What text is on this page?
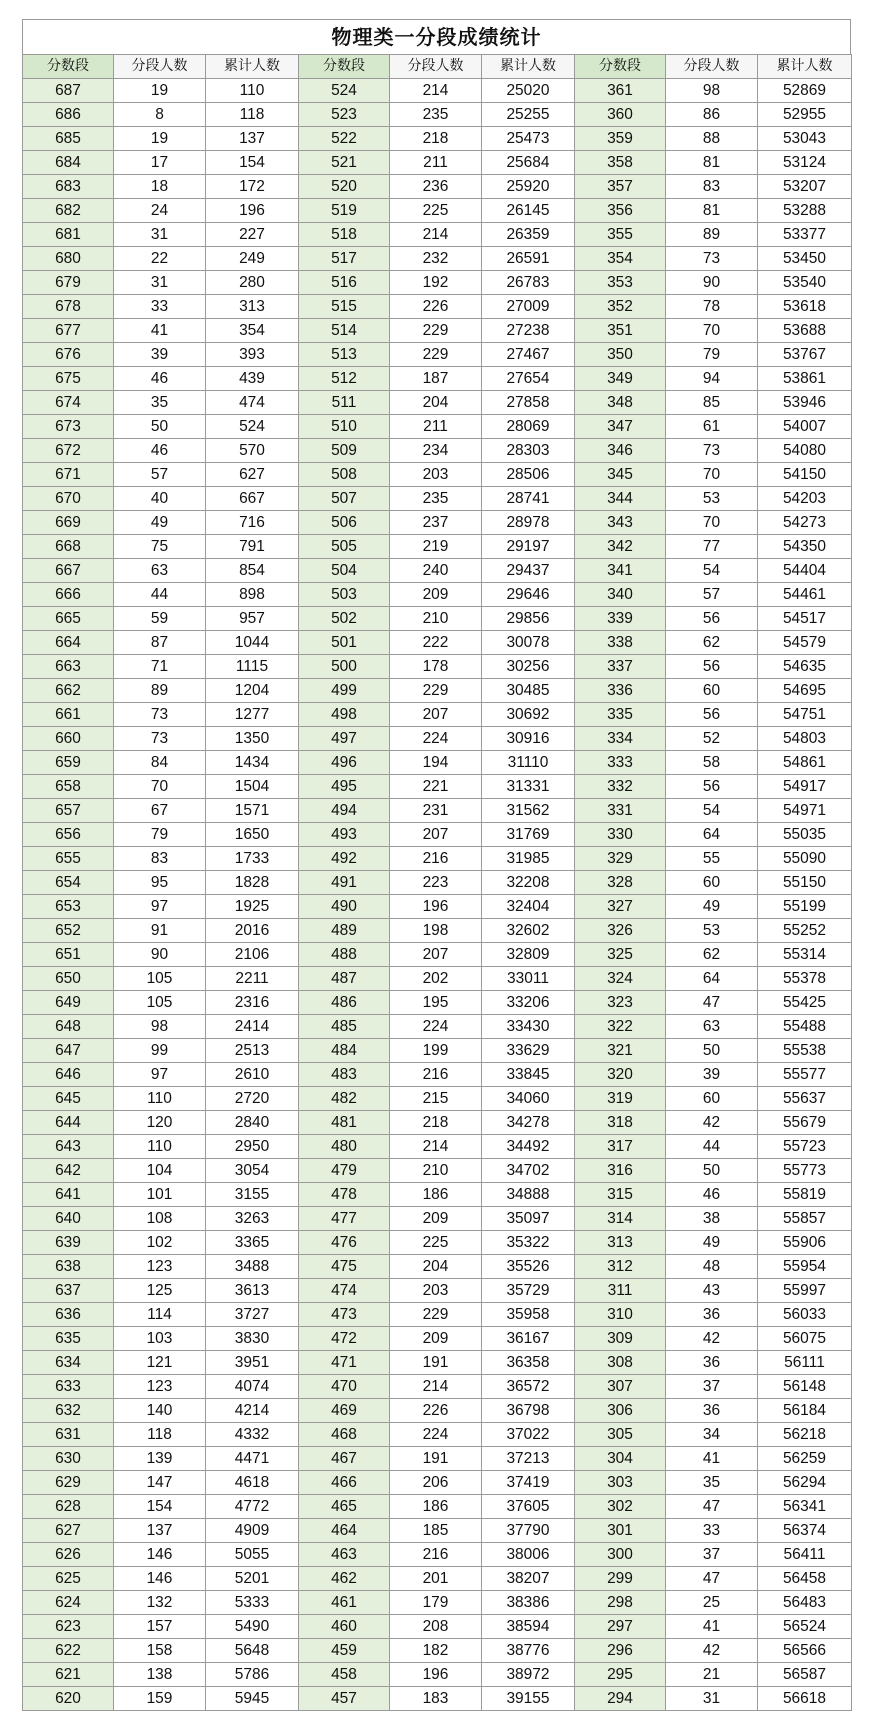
物理类一分段成绩统计
分数段	分段人数	累计人数	分数段	分段人数	累计人数	分数段	分段人数	累计人数
687	19	110	524	214	25020	361	98	52869
686	8	118	523	235	25255	360	86	52955
685	19	137	522	218	25473	359	88	53043
684	17	154	521	211	25684	358	81	53124
683	18	172	520	236	25920	357	83	53207
682	24	196	519	225	26145	356	81	53288
681	31	227	518	214	26359	355	89	53377
680	22	249	517	232	26591	354	73	53450
679	31	280	516	192	26783	353	90	53540
678	33	313	515	226	27009	352	78	53618
677	41	354	514	229	27238	351	70	53688
676	39	393	513	229	27467	350	79	53767
675	46	439	512	187	27654	349	94	53861
674	35	474	511	204	27858	348	85	53946
673	50	524	510	211	28069	347	61	54007
672	46	570	509	234	28303	346	73	54080
671	57	627	508	203	28506	345	70	54150
670	40	667	507	235	28741	344	53	54203
669	49	716	506	237	28978	343	70	54273
668	75	791	505	219	29197	342	77	54350
667	63	854	504	240	29437	341	54	54404
666	44	898	503	209	29646	340	57	54461
665	59	957	502	210	29856	339	56	54517
664	87	1044	501	222	30078	338	62	54579
663	71	1115	500	178	30256	337	56	54635
662	89	1204	499	229	30485	336	60	54695
661	73	1277	498	207	30692	335	56	54751
660	73	1350	497	224	30916	334	52	54803
659	84	1434	496	194	31110	333	58	54861
658	70	1504	495	221	31331	332	56	54917
657	67	1571	494	231	31562	331	54	54971
656	79	1650	493	207	31769	330	64	55035
655	83	1733	492	216	31985	329	55	55090
654	95	1828	491	223	32208	328	60	55150
653	97	1925	490	196	32404	327	49	55199
652	91	2016	489	198	32602	326	53	55252
651	90	2106	488	207	32809	325	62	55314
650	105	2211	487	202	33011	324	64	55378
649	105	2316	486	195	33206	323	47	55425
648	98	2414	485	224	33430	322	63	55488
647	99	2513	484	199	33629	321	50	55538
646	97	2610	483	216	33845	320	39	55577
645	110	2720	482	215	34060	319	60	55637
644	120	2840	481	218	34278	318	42	55679
643	110	2950	480	214	34492	317	44	55723
642	104	3054	479	210	34702	316	50	55773
641	101	3155	478	186	34888	315	46	55819
640	108	3263	477	209	35097	314	38	55857
639	102	3365	476	225	35322	313	49	55906
638	123	3488	475	204	35526	312	48	55954
637	125	3613	474	203	35729	311	43	55997
636	114	3727	473	229	35958	310	36	56033
635	103	3830	472	209	36167	309	42	56075
634	121	3951	471	191	36358	308	36	56111
633	123	4074	470	214	36572	307	37	56148
632	140	4214	469	226	36798	306	36	56184
631	118	4332	468	224	37022	305	34	56218
630	139	4471	467	191	37213	304	41	56259
629	147	4618	466	206	37419	303	35	56294
628	154	4772	465	186	37605	302	47	56341
627	137	4909	464	185	37790	301	33	56374
626	146	5055	463	216	38006	300	37	56411
625	146	5201	462	201	38207	299	47	56458
624	132	5333	461	179	38386	298	25	56483
623	157	5490	460	208	38594	297	41	56524
622	158	5648	459	182	38776	296	42	56566
621	138	5786	458	196	38972	295	21	56587
620	159	5945	457	183	39155	294	31	56618
